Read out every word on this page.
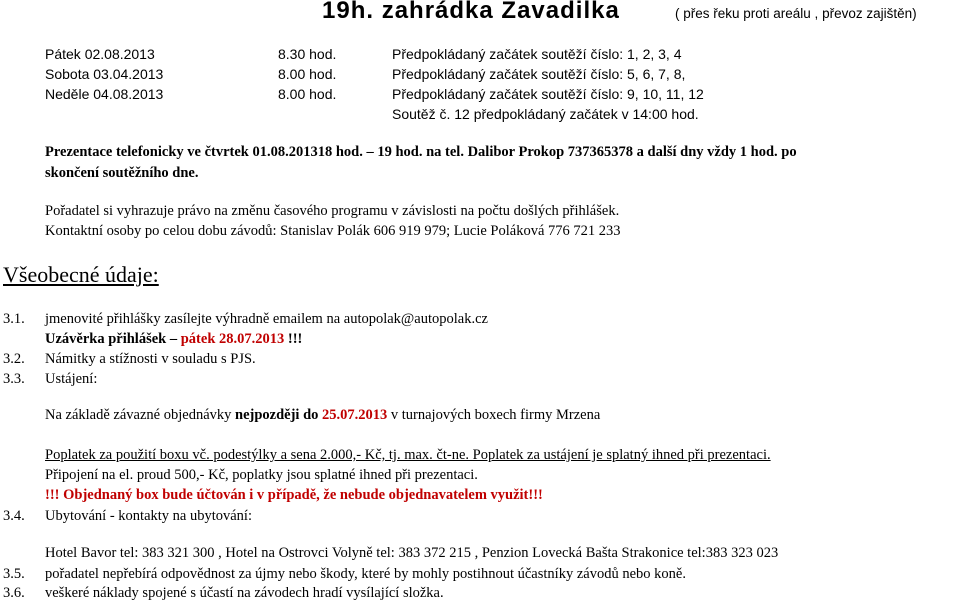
19h. zahrádka Zavadilka	( přes řeku proti areálu , převoz zajištěn)
Pátek 02.08.2013	8.30 hod.	Předpokládaný začátek soutěží číslo: 1, 2, 3, 4
Sobota 03.04.2013	8.00 hod.	Předpokládaný začátek soutěží číslo: 5, 6, 7, 8,
Neděle 04.08.2013	8.00 hod.	Předpokládaný začátek soutěží číslo: 9, 10, 11, 12
Soutěž č. 12 předpokládaný začátek v 14:00 hod.
Prezentace telefonicky ve čtvrtek 01.08.201318 hod. – 19 hod. na tel. Dalibor Prokop 737365378 a další dny vždy 1 hod. po
skončení soutěžního dne.
Pořadatel si vyhrazuje právo na změnu časového programu v závislosti na počtu došlých přihlášek.
Kontaktní osoby po celou dobu závodů: Stanislav Polák 606 919 979; Lucie Poláková 776 721 233
Všeobecné údaje:
3.1. jmenovité přihlášky zasílejte výhradně emailem na autopolak@autopolak.cz
Uzávěrka přihlášek – pátek 28.07.2013 !!!
3.2. Námitky a stížnosti v souladu s PJS.
3.3. Ustájení:
Na základě závazné objednávky nejpozději do 25.07.2013 v turnajových boxech firmy Mrzena
Poplatek za použití boxu vč. podestýlky a sena 2.000,- Kč, tj. max. čt-ne. Poplatek za ustájení je splatný ihned při prezentaci.
Připojení na el. proud 500,- Kč, poplatky jsou splatné ihned při prezentaci.
!!! Objednaný box bude účtován i v případě, že nebude objednavatelem využit!!!
3.4. Ubytování - kontakty na ubytování:
Hotel Bavor tel: 383 321 300 , Hotel na Ostrovci Volyně tel: 383 372 215 , Penzion Lovecká Bašta Strakonice tel:383 323 023
3.5. pořadatel nepřebírá odpovědnost za újmy nebo škody, které by mohly postihnout účastníky závodů nebo koně.
3.6. veškeré náklady spojené s účastí na závodech hradí vysílající složka.
